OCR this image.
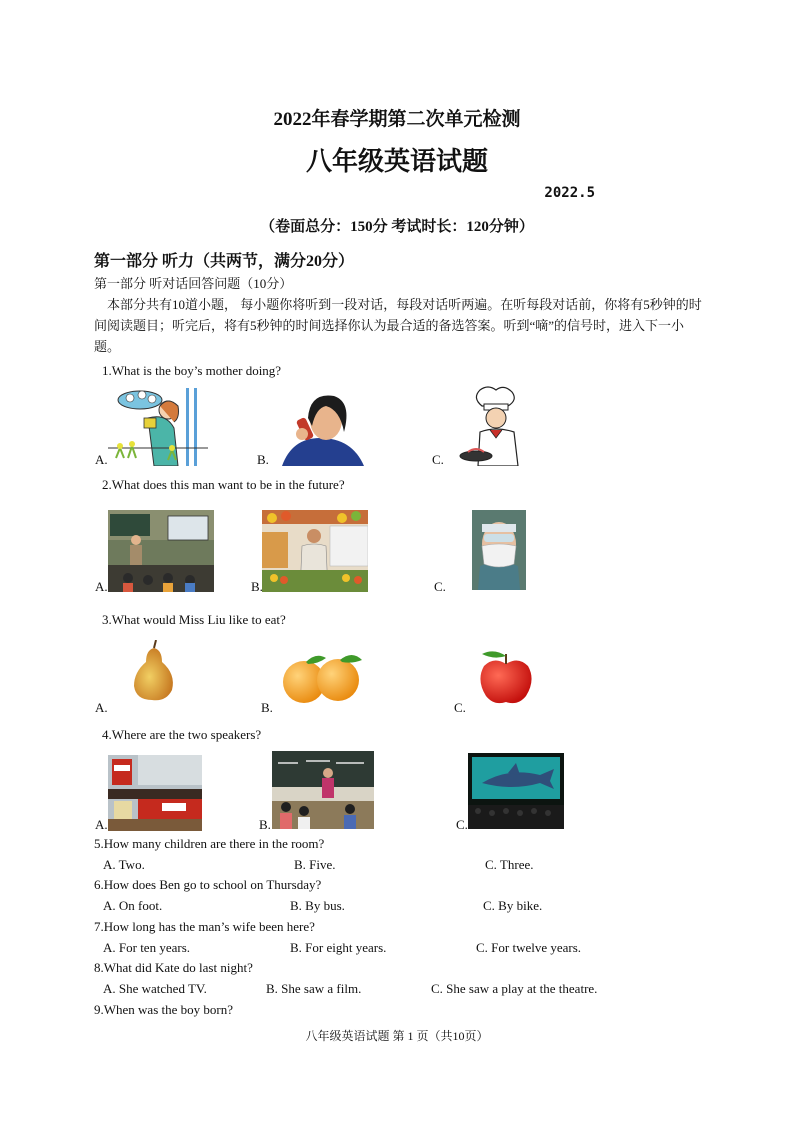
2022年春学期第二次单元检测
八年级英语试题
2022.5
（卷面总分：150分 考试时长：120分钟）
第一部分 听力（共两节，满分20分）
第一部分 听对话回答问题（10分）
本部分共有10道小题， 每小题你将听到一段对话，每段对话听两遍。在听每段对话前，你将有5秒钟的时间阅读题目；听完后，将有5秒钟的时间选择你认为最合适的备选答案。听到“嘀”的信号时，进入下一小题。
1.What is the boy’s mother doing?
A.	B.	C.
2.What does this man want to be in the future?
A.	B.	C.
3.What would Miss Liu like to eat?
A.	B.	C.
4.Where are the two speakers?
A.	B.	C.
5.How many children are there in the room?
A. Two.	B. Five.	C. Three.
6.How does Ben go to school on Thursday?
A. On foot.	B. By bus.	C. By bike.
7.How long has the man’s wife been here?
A. For ten years.	B. For eight years.	C. For twelve years.
8.What did Kate do last night?
A. She watched TV.	B. She saw a film.	C. She saw a play at the theatre.
9.When was the boy born?
八年级英语试题 第 1 页（共10页）
